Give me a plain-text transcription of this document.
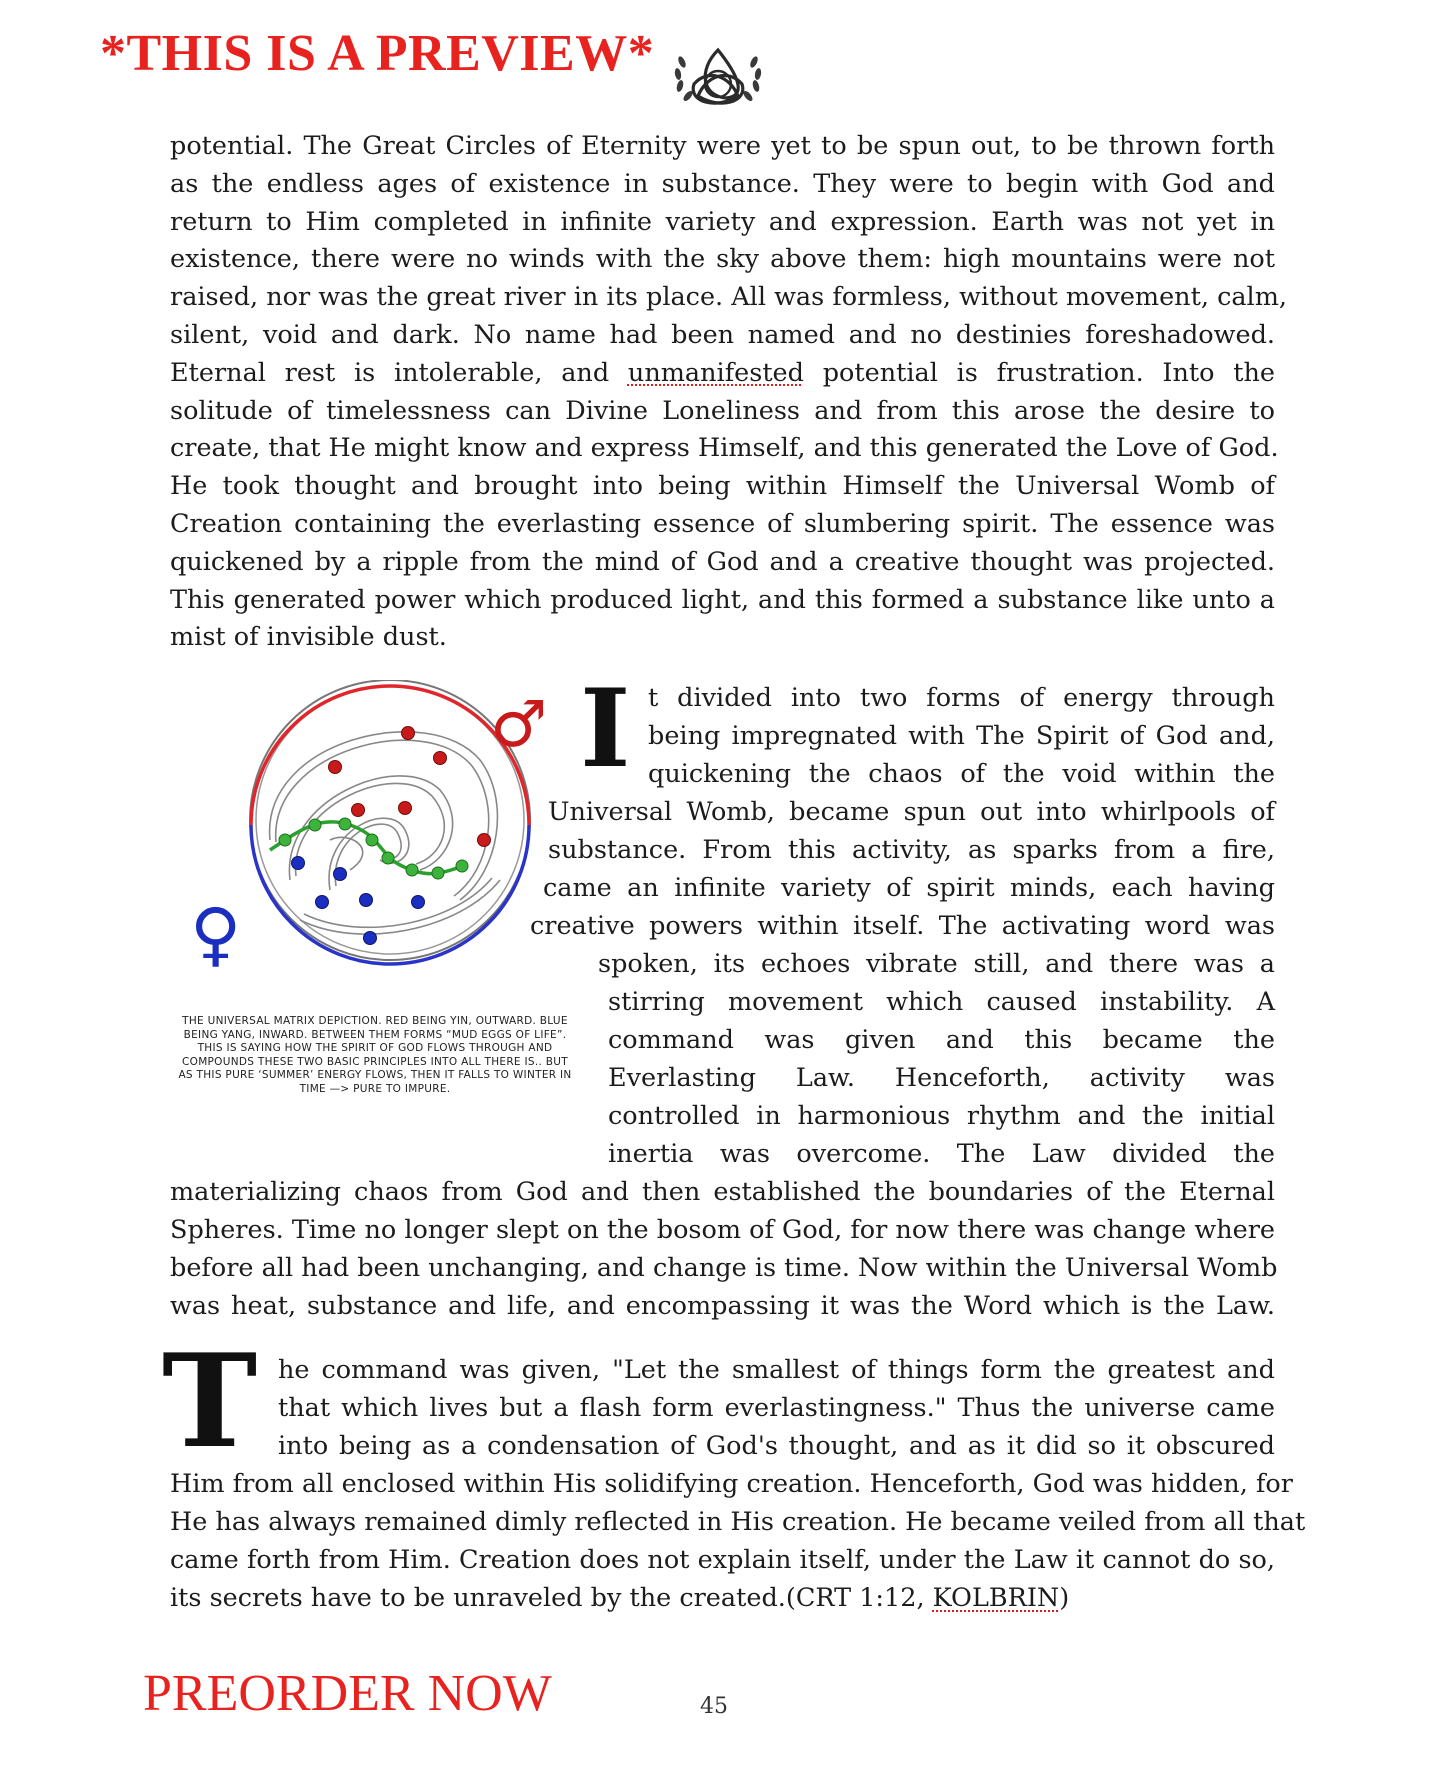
*THIS IS A PREVIEW*
potential. The Great Circles of Eternity were yet to be spun out, to be thrown forth
as the endless ages of existence in substance. They were to begin with God and
return to Him completed in infinite variety and expression. Earth was not yet in
existence, there were no winds with the sky above them: high mountains were not
raised, nor was the great river in its place. All was formless, without movement, calm,
silent, void and dark. No name had been named and no destinies foreshadowed.
Eternal rest is intolerable, and unmanifested potential is frustration. Into the
solitude of timelessness can Divine Loneliness and from this arose the desire to
create, that He might know and express Himself, and this generated the Love of God.
He took thought and brought into being within Himself the Universal Womb of
Creation containing the everlasting essence of slumbering spirit. The essence was
quickened by a ripple from the mind of God and a creative thought was projected.
This generated power which produced light, and this formed a substance like unto a
mist of invisible dust.
♂
♀

THE UNIVERSAL MATRIX DEPICTION. RED BEING YIN, OUTWARD. BLUE BEING YANG, INWARD. BETWEEN THEM FORMS “MUD EGGS OF LIFE”. THIS IS SAYING HOW THE SPIRIT OF GOD FLOWS THROUGH AND COMPOUNDS THESE TWO BASIC PRINCIPLES INTO ALL THERE IS.. BUT AS THIS PURE ‘SUMMER’ ENERGY FLOWS, THEN IT FALLS TO WINTER IN TIME —> PURE TO IMPURE.

I t divided into two forms of energy through
being impregnated with The Spirit of God and,
quickening the chaos of the void within the
Universal Womb, became spun out into whirlpools of
substance. From this activity, as sparks from a fire,
came an infinite variety of spirit minds, each having
creative powers within itself. The activating word was
spoken, its echoes vibrate still, and there was a
stirring movement which caused instability. A
command was given and this became the
Everlasting Law. Henceforth, activity was
controlled in harmonious rhythm and the initial
inertia was overcome. The Law divided the
materializing chaos from God and then established the boundaries of the Eternal
Spheres. Time no longer slept on the bosom of God, for now there was change where
before all had been unchanging, and change is time. Now within the Universal Womb
was heat, substance and life, and encompassing it was the Word which is the Law.
T he command was given, "Let the smallest of things form the greatest and
that which lives but a flash form everlastingness." Thus the universe came
into being as a condensation of God's thought, and as it did so it obscured
Him from all enclosed within His solidifying creation. Henceforth, God was hidden, for
He has always remained dimly reflected in His creation. He became veiled from all that
came forth from Him. Creation does not explain itself, under the Law it cannot do so,
its secrets have to be unraveled by the created.(CRT 1:12, KOLBRIN)

PREORDER NOW	45
